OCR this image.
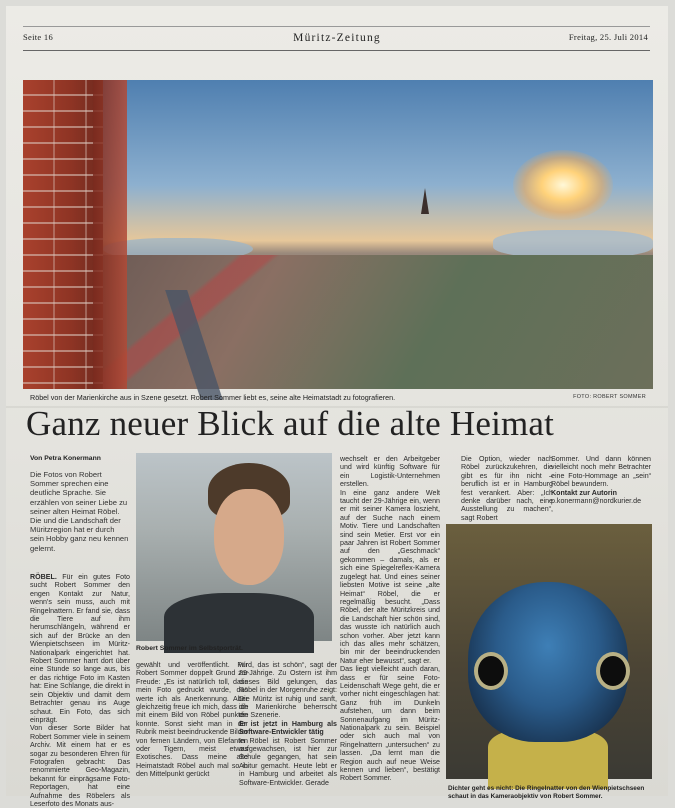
Seite 16	Müritz-Zeitung	Freitag, 25. Juli 2014
Röbel von der Marienkirche aus in Szene gesetzt. Robert Sommer liebt es, seine alte Heimatstadt zu fotografieren.	FOTO: ROBERT SOMMER
Ganz neuer Blick auf die alte Heimat
Von Petra Konermann
Die Fotos von Robert Sommer sprechen eine deutliche Sprache. Sie erzählen von seiner Liebe zu seiner alten Heimat Röbel. Die und die Landschaft der Müritzregion hat er durch sein Hobby ganz neu kennen gelernt.

RÖBEL. Für ein gutes Foto sucht Robert Sommer den engen Kontakt zur Natur, wenn's sein muss, auch mit Ringelnattern. Er fand sie, dass die Tiere auf ihm herumschlängeln, während er sich auf der Brücke an den Wienpietschseen im Müritz-Nationalpark eingerichtet hat. Robert Sommer harrt dort über eine Stunde so lange aus, bis er das richtige Foto im Kasten hat: Eine Schlange, die direkt in sein Objektiv und damit dem Betrachter genau ins Auge schaut. Ein Foto, das sich einprägt.

Von dieser Sorte Bilder hat Robert Sommer viele in seinem Archiv. Mit einem hat er es sogar zu besonderen Ehren für Fotografen gebracht: Das renommierte Geo-Magazin, bekannt für einprägsame Foto-Reportagen, hat eine Aufnahme des Röbelers als Leserfoto des Monats aus-

Robert Sommer im Selbstporträt.

gewählt und veröffentlicht. Für Robert Sommer doppelt Grund zur Freude: „Es ist natürlich toll, dass mein Foto gedruckt wurde, das werte ich als Anerkennung. Aber gleichzeitig freue ich mich, dass ich mit einem Bild von Röbel punkten konnte. Sonst sieht man in der Rubrik meist beeindruckende Bilder von fernen Ländern, von Elefanten oder Tigern, meist etwas Exotisches. Dass meine alte Heimatstadt Röbel auch mal so in den Mittelpunkt gerückt

wird, das ist schön“, sagt der 29-Jährige. Zu Ostern ist ihm dieses Bild gelungen, das Röbel in der Morgenruhe zeigt: Die Müritz ist ruhig und sanft, die Marienkirche beherrscht die Szenerie.

Er ist jetzt in Hamburg als Software-Entwickler tätig

In Röbel ist Robert Sommer aufgewachsen, ist hier zur Schule gegangen, hat sein Abitur gemacht. Heute lebt er in Hamburg und arbeitet als Software-Entwickler. Gerade

wechselt er den Arbeitgeber und wird künftig Software für ein Logistik-Unternehmen erstellen.

In eine ganz andere Welt taucht der 29-Jährige ein, wenn er mit seiner Kamera loszieht, auf der Suche nach einem Motiv. Tiere und Landschaften sind sein Metier. Erst vor ein paar Jahren ist Robert Sommer auf den „Geschmack“ gekommen – damals, als er sich eine Spiegelreflex-Kamera zugelegt hat. Und eines seiner liebsten Motive ist seine „alte Heimat“ Röbel, die er regelmäßig besucht. „Dass Röbel, der alte Müritzkreis und die Landschaft hier schön sind, das wusste ich natürlich auch schon vorher. Aber jetzt kann ich das alles mehr schätzen, bin mir der beeindruckenden Natur eher bewusst“, sagt er.

Das liegt vielleicht auch daran, dass er für seine Foto-Leidenschaft Wege geht, die er vorher nicht eingeschlagen hat: Ganz früh im Dunkeln aufstehen, um dann beim Sonnenaufgang im Müritz-Nationalpark zu sein. Beispiel oder sich auch mal von Ringelnattern „untersuchen“ zu lassen. „Da lernt man die Region auch auf neue Weise kennen und lieben“, bestätigt Robert Sommer.

Die Option, wieder nach Röbel zurückzukehren, die gibt es für ihn nicht – beruflich ist er in Hamburg fest verankert. Aber: „Ich denke darüber nach, eine Ausstellung zu machen“, sagt Robert

Sommer. Und dann können vielleicht noch mehr Betrachter eine Foto-Hommage an „sein“ Röbel bewundern.

Kontakt zur Autorin

p.konermann@nordkurier.de

Dichter geht es nicht: Die Ringelnatter von den Wienpietschseen schaut in das Kameraobjektiv von Robert Sommer.
